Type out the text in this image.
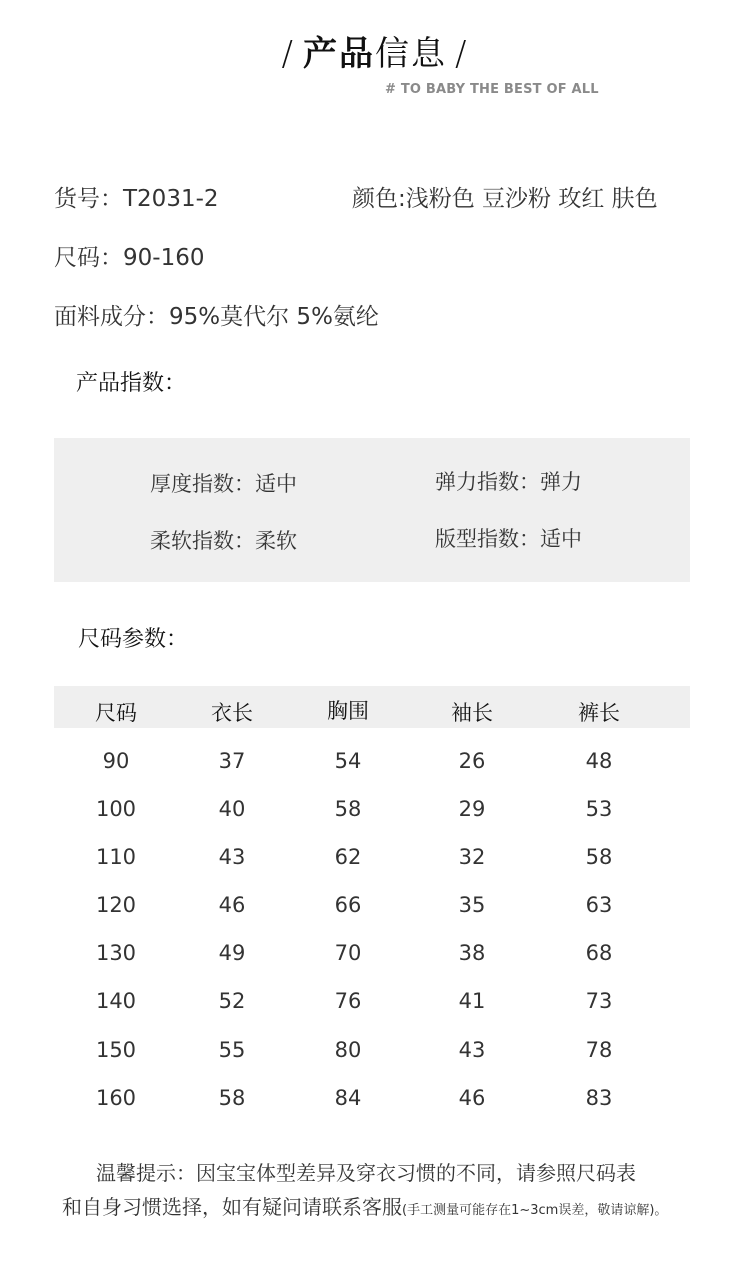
/ 产品信息 /
# TO BABY THE BEST OF ALL
货号：T2031-2	颜色:浅粉色 豆沙粉 玫红 肤色
尺码：90-160
面料成分：95%莫代尔 5%氨纶
产品指数：
厚度指数：适中	弹力指数：弹力
柔软指数：柔软	版型指数：适中
尺码参数：
尺码	衣长	胸围	袖长	裤长
90	37	54	26	48
100	40	58	29	53
110	43	62	32	58
120	46	66	35	63
130	49	70	38	68
140	52	76	41	73
150	55	80	43	78
160	58	84	46	83
温馨提示：因宝宝体型差异及穿衣习惯的不同，请参照尺码表
和自身习惯选择，如有疑问请联系客服(手工测量可能存在1~3cm误差，敬请谅解)。
